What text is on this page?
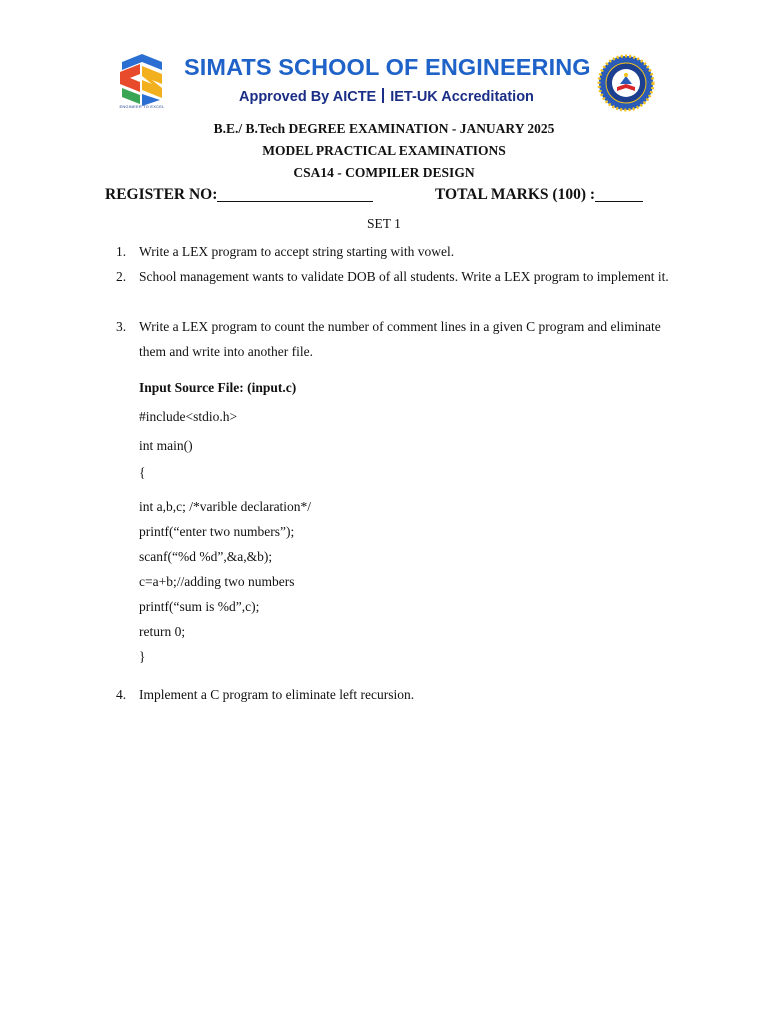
ENGINEER TO EXCEL
SIMATS SCHOOL OF ENGINEERING
Approved By AICTE IET-UK Accreditation
B.E./ B.Tech DEGREE EXAMINATION - JANUARY 2025
MODEL PRACTICAL EXAMINATIONS
CSA14 - COMPILER DESIGN
REGISTER NO:	TOTAL MARKS (100) :
SET 1
1. Write a LEX program to accept string starting with vowel.
2. School management wants to validate DOB of all students. Write a LEX program to implement it.
3. Write a LEX program to count the number of comment lines in a given C program and eliminate them and write into another file.
Input Source File: (input.c)
#include<stdio.h>
int main()
{
int a,b,c; /*varible declaration*/
printf(“enter two numbers”);
scanf(“%d %d”,&a,&b);
c=a+b;//adding two numbers
printf(“sum is %d”,c);
return 0;
}
4. Implement a C program to eliminate left recursion.
